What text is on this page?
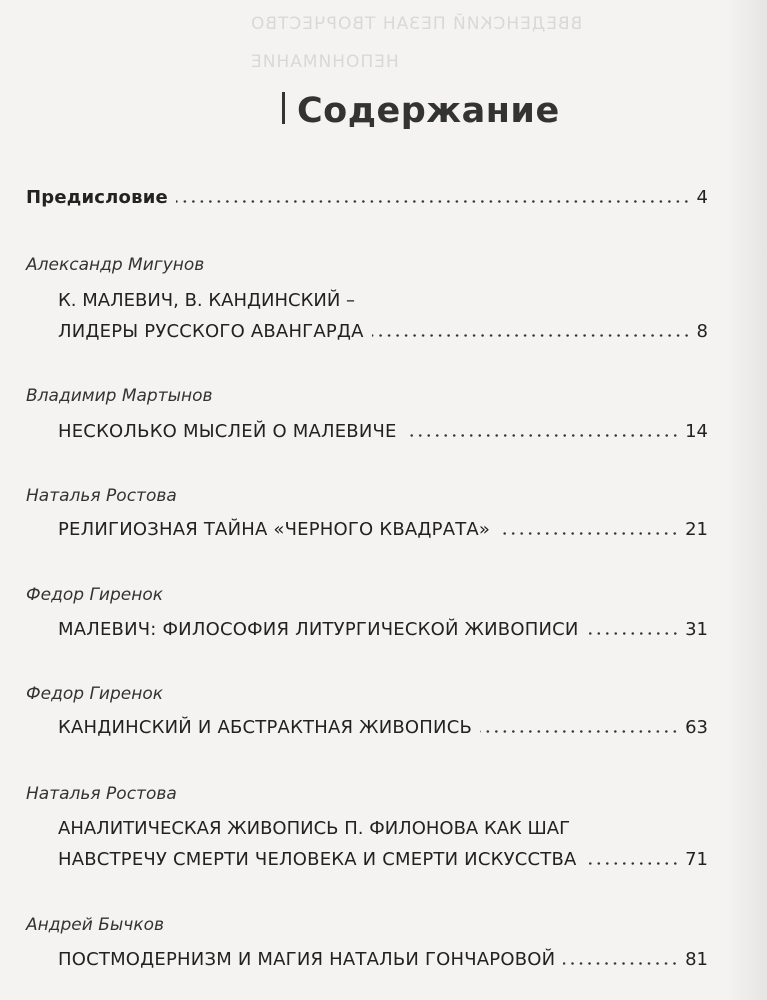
ВВЕДЕНСКИЙ ПЕЗАН ТВОРЧЕСТВО
НЕПОНИМАНИЕ
Содержание
Предисловие	4
Александр Мигунов
К. МАЛЕВИЧ, В. КАНДИНСКИЙ –
ЛИДЕРЫ РУССКОГО АВАНГАРДА	8
Владимир Мартынов
НЕСКОЛЬКО МЫСЛЕЙ О МАЛЕВИЧЕ	14
Наталья Ростова
РЕЛИГИОЗНАЯ ТАЙНА «ЧЕРНОГО КВАДРАТА»	21
Федор Гиренок
МАЛЕВИЧ: ФИЛОСОФИЯ ЛИТУРГИЧЕСКОЙ ЖИВОПИСИ	31
Федор Гиренок
КАНДИНСКИЙ И АБСТРАКТНАЯ ЖИВОПИСЬ	63
Наталья Ростова
АНАЛИТИЧЕСКАЯ ЖИВОПИСЬ П. ФИЛОНОВА КАК ШАГ
НАВСТРЕЧУ СМЕРТИ ЧЕЛОВЕКА И СМЕРТИ ИСКУССТВА	71
Андрей Бычков
ПОСТМОДЕРНИЗМ И МАГИЯ НАТАЛЬИ ГОНЧАРОВОЙ	81
